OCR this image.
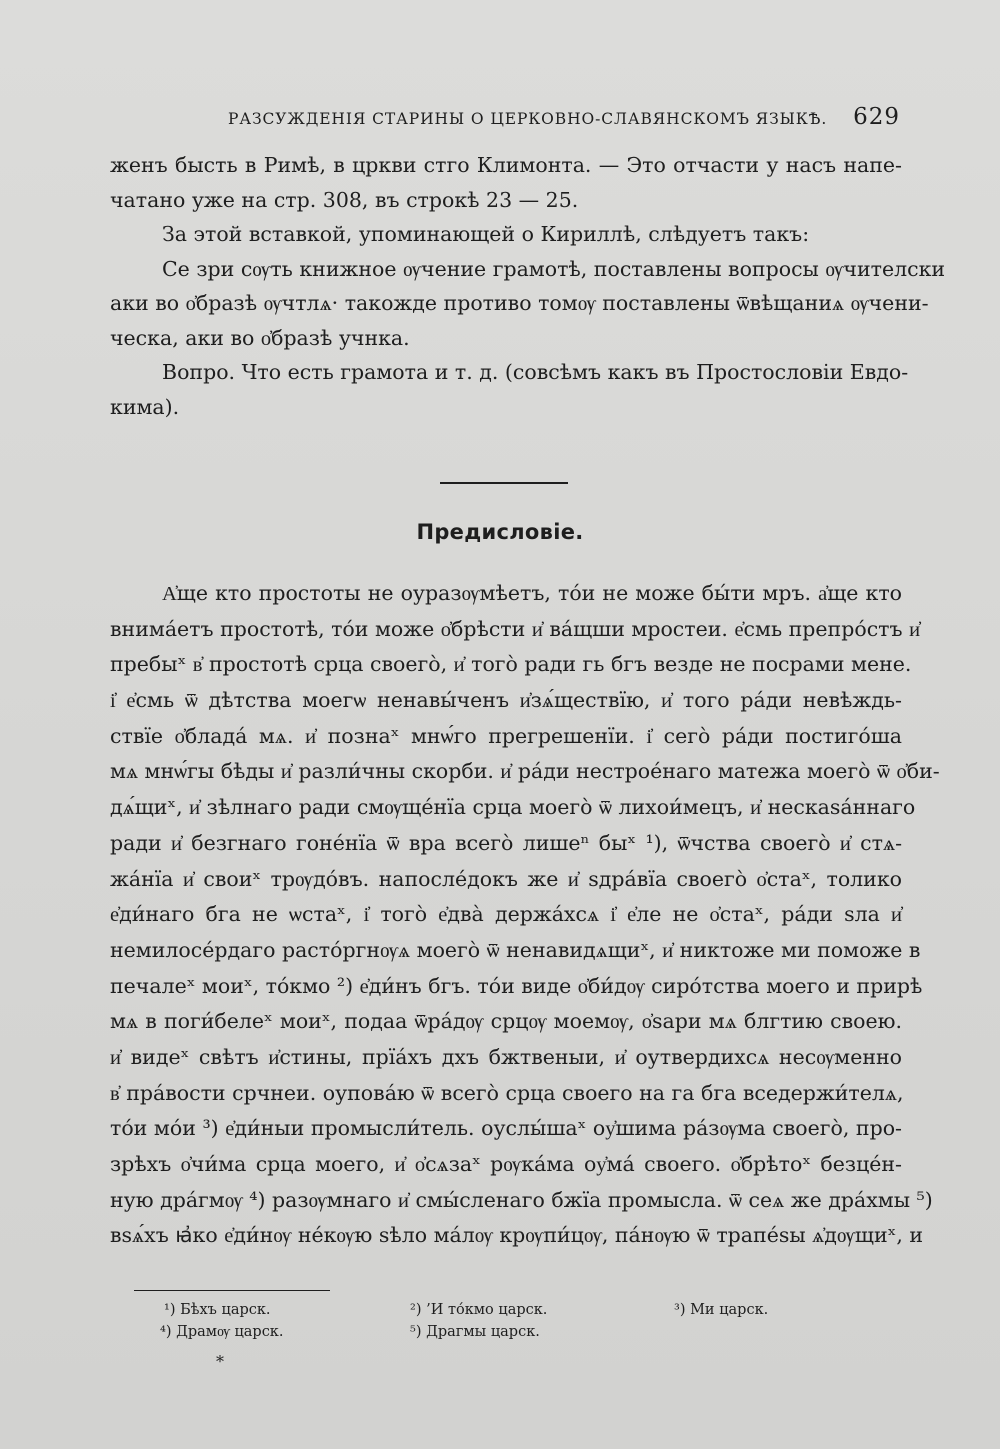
РАЗСУЖДЕНІЯ СТАРИНЫ О ЦЕРКОВНО-СЛАВЯНСКОМЪ ЯЗЫКѢ. 629
женъ бысть в Римѣ, в цркви стго Климонта. — Это отчасти у насъ напе-
чатано уже на стр. 308, въ строкѣ 23 — 25.
За этой вставкой, упоминающей о Кириллѣ, слѣдуетъ такъ:
Се зри сѹть книжное ѹчение грамотѣ, поставлены вопросы ѹчителски
аки во о҆бразѣ ѹчтлѧ· такожде противо томѹ поставлены ѿвѣщаниѧ ѹчени-
ческа, аки во о҆бразѣ учнка.
Вопро. Что есть грамота и т. д. (совсѣмъ какъ въ Простословіи Евдо-
кима).
Предисловіе.
А҆ще кто простоты не оуразѹмѣетъ, то́и не може бы́ти мръ. а҆ще кто
внима́етъ простотѣ, то́и може о҆брѣсти и҆ ва́щши мростеи. е҆смь препро́стъ и҆
пребыˣ в҆ простотѣ срца своего̀, и҆ того̀ ради гь бгъ везде не посрами мене.
і҆ е҆смь ѿ дѣтства моегѡ ненавы́ченъ и҆зѧ́ществїю, и҆ того ра́ди невѣждь-
ствїе о҆блада́ мѧ. и҆ познаˣ мнѡ́го прегрешенїи. і҆ сего̀ ра́ди постиго́ша
мѧ мнѡ́гы бѣды и҆ разли́чны скорби. и҆ ра́ди нестрое́наго матежа моего̀ ѿ о҆би-
дѧ́щиˣ, и҆ зѣлнаго ради смѹще́нїа срца моего̀ ѿ лихои́мецъ, и҆ нескаѕа́ннаго
ради и҆ безгнаго гоне́нїа ѿ вра всего̀ лишеⁿ быˣ ¹), ѿчства своего̀ и҆ стѧ-
жа́нїа и҆ своиˣ трѹдо́въ. напосле́докъ же и҆ ѕдра́вїа своего̀ о҆стаˣ, толико
е҆ди́наго бга не ѡстаˣ, і҆ того̀ е҆два̀ держа́хсѧ і҆ е҆ле не о҆стаˣ, ра́ди ѕла и҆
немилосе́рдаго расто́ргнѹѧ моего̀ ѿ ненавидѧщиˣ, и҆ никтоже ми поможе в
печалеˣ моиˣ, то́кмо ²) е҆ди́нъ бгъ. то́и виде о҆би́дѹ сиро́тства моего и прирѣ
мѧ в поги́белеˣ моиˣ, подаа ѿра́дѹ срцѹ моемѹ, о҆ѕари мѧ блгтию своею.
и҆ видеˣ свѣтъ и҆стины, прїа́хъ дхъ бжтвеныи, и҆ оутвердихсѧ несѹменно
в҆ пра́вости срчнеи. оупова́ю ѿ всего̀ срца своего на га бга вседержи́телѧ,
то́и мо́и ³) е҆ди́ныи промысли́тель. оуслы́шаˣ оу҆шима ра́зѹма своего̀, про-
зрѣхъ о҆чи́ма срца моего, и҆ о҆сѧзаˣ рѹка́ма оу҆ма́ своего. о҆брѣтоˣ безце́н-
ную дра́гмѹ ⁴) разѹмнаго и҆ смы́сленаго бжїа промысла. ѿ сеѧ же дра́хмы ⁵)
вѕѧ́хъ ꙗ҆ко е҆ди́нѹ не́кѹю ѕѣло ма́лѹ крѹпи́цѹ, па́нѹю ѿ трапе́ѕы ѧ҆дѹщиˣ, и
¹) Бѣхъ царск.	²) ’И то́кмо царск.	³) Ми царск.
⁴) Драмѹ царск.	⁵) Драгмы царск.
*
